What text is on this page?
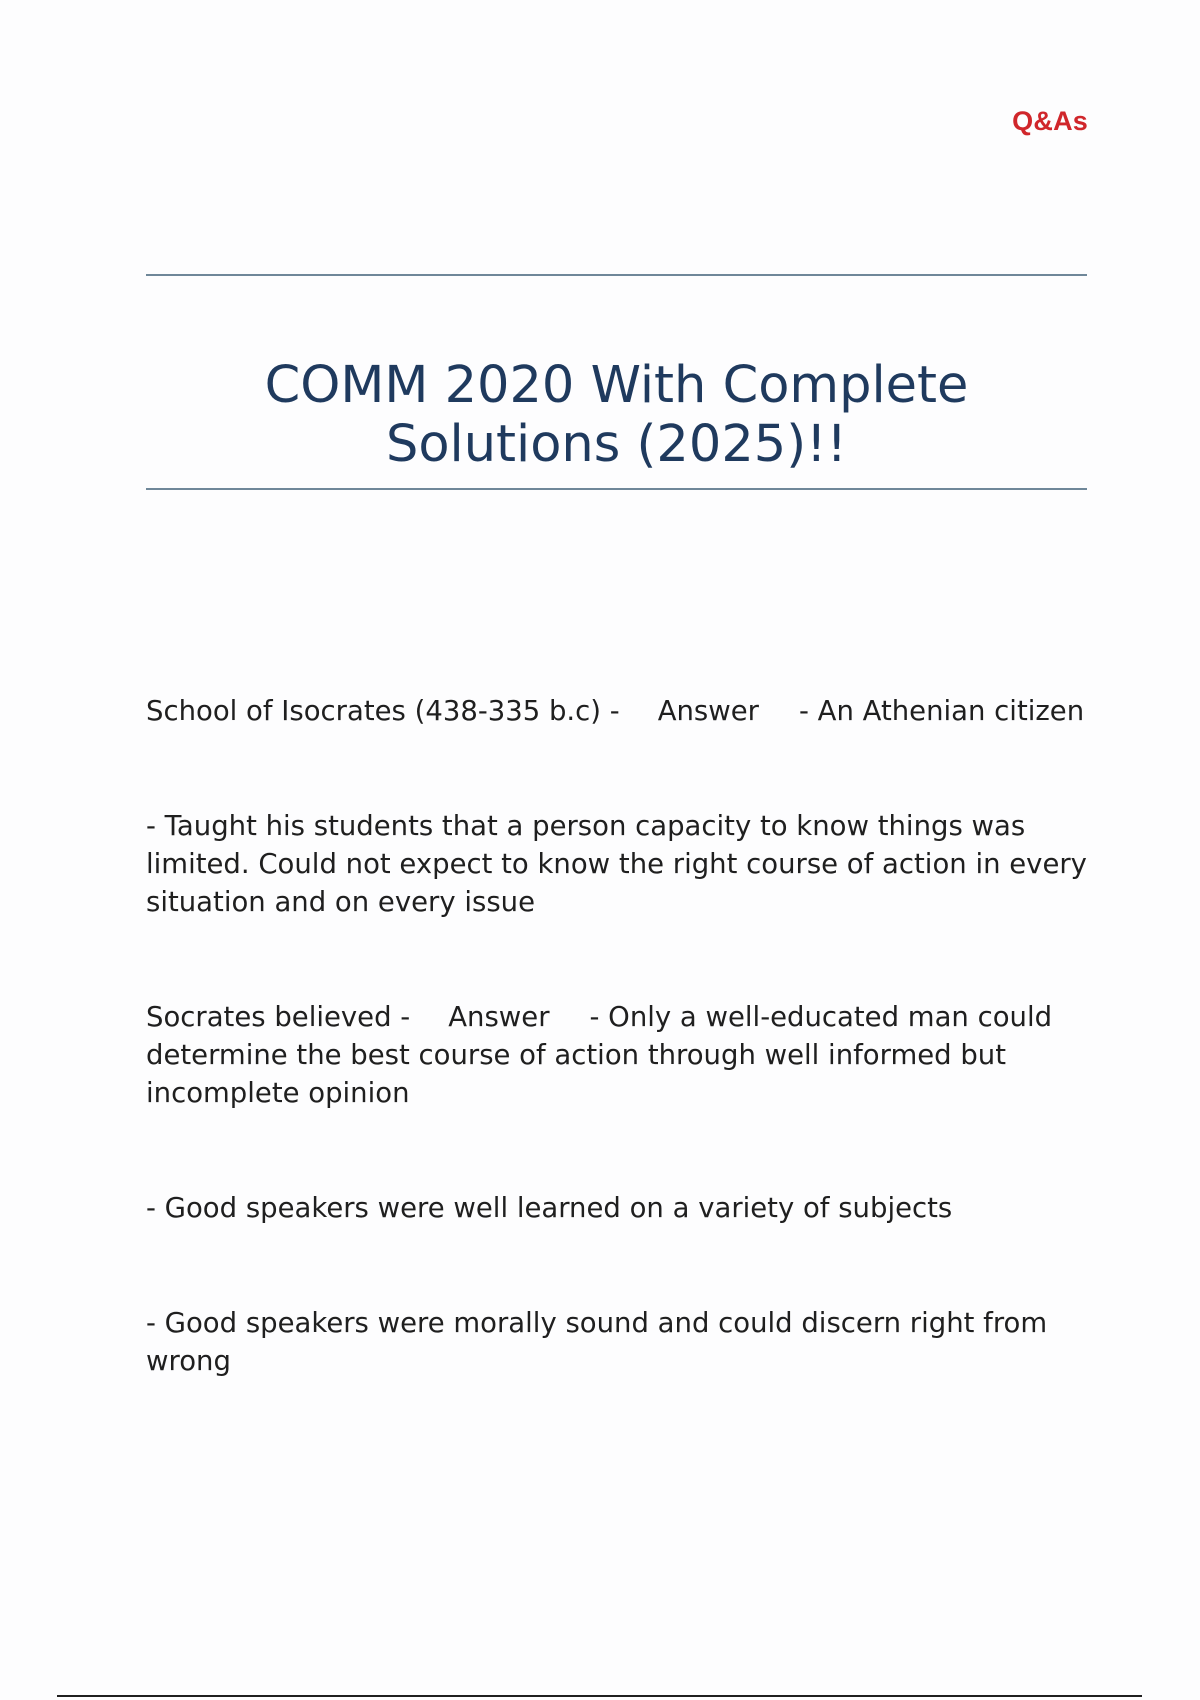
Q&As
COMM 2020 With Complete
Solutions (2025)!!

School of Isocrates (438-335 b.c) - Answer - An Athenian citizen

- Taught his students that a person capacity to know things was limited. Could not expect to know the right course of action in every situation and on every issue

Socrates believed - Answer - Only a well-educated man could determine the best course of action through well informed but incomplete opinion

- Good speakers were well learned on a variety of subjects

- Good speakers were morally sound and could discern right from wrong
